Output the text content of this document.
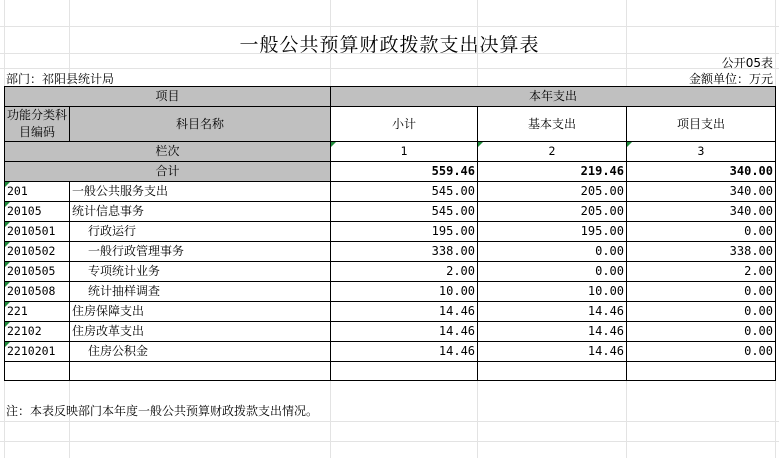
一般公共预算财政拨款支出决算表
公开05表
部门：祁阳县统计局	金额单位：万元
项目		本年支出		
功能分类科目编码	科目名称	小计	基本支出	项目支出
栏次		1	2	3
合计		559.46	219.46	340.00
201	一般公共服务支出	545.00	205.00	340.00
20105	统计信息事务	545.00	205.00	340.00
2010501	行政运行	195.00	195.00	0.00
2010502	一般行政管理事务	338.00	0.00	338.00
2010505	专项统计业务	2.00	0.00	2.00
2010508	统计抽样调查	10.00	10.00	0.00
221	住房保障支出	14.46	14.46	0.00
22102	住房改革支出	14.46	14.46	0.00
2210201	住房公积金	14.46	14.46	0.00

注：本表反映部门本年度一般公共预算财政拨款支出情况。
